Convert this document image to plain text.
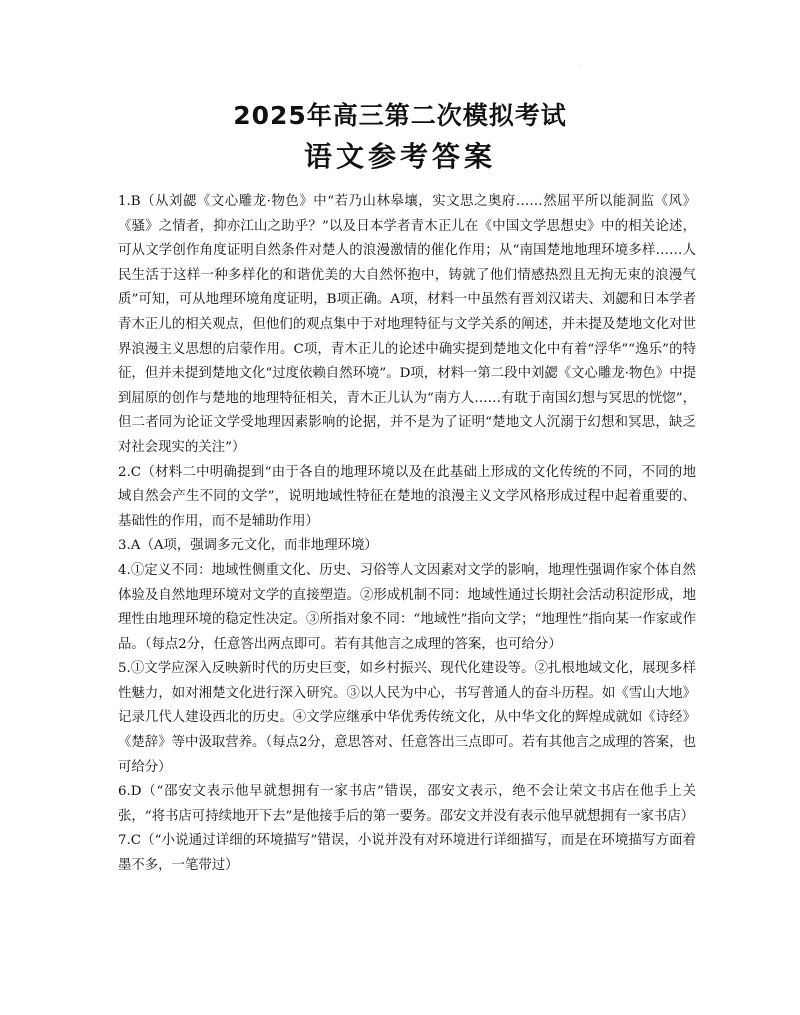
·
2025年高三第二次模拟考试
语文参考答案

1.B（从刘勰《文心雕龙·物色》中“若乃山林皋壤，实文思之奥府……然屈平所以能洞监《风》《骚》之情者，抑亦江山之助乎？”以及日本学者青木正儿在《中国文学思想史》中的相关论述，可从文学创作角度证明自然条件对楚人的浪漫激情的催化作用；从“南国楚地地理环境多样……人民生活于这样一种多样化的和谐优美的大自然怀抱中，铸就了他们情感热烈且无拘无束的浪漫气质”可知，可从地理环境角度证明，B项正确。A项，材料一中虽然有晋刘汉诺夫、刘勰和日本学者青木正儿的相关观点，但他们的观点集中于对地理特征与文学关系的阐述，并未提及楚地文化对世界浪漫主义思想的启蒙作用。C项，青木正儿的论述中确实提到楚地文化中有着“浮华”“逸乐”的特征，但并未提到楚地文化“过度依赖自然环境”。D项，材料一第二段中刘勰《文心雕龙·物色》中提到屈原的创作与楚地的地理特征相关，青木正儿认为“南方人……有耽于南国幻想与冥思的恍惚”，但二者同为论证文学受地理因素影响的论据，并不是为了证明“楚地文人沉溺于幻想和冥思，缺乏对社会现实的关注”）

2.C（材料二中明确提到“由于各自的地理环境以及在此基础上形成的文化传统的不同，不同的地域自然会产生不同的文学”，说明地域性特征在楚地的浪漫主义文学风格形成过程中起着重要的、基础性的作用，而不是辅助作用）

3.A（A项，强调多元文化，而非地理环境）

4.①定义不同：地域性侧重文化、历史、习俗等人文因素对文学的影响，地理性强调作家个体自然体验及自然地理环境对文学的直接塑造。②形成机制不同：地域性通过长期社会活动积淀形成，地理性由地理环境的稳定性决定。③所指对象不同：“地域性”指向文学；“地理性”指向某一作家或作品。（每点2分，任意答出两点即可。若有其他言之成理的答案，也可给分）

5.①文学应深入反映新时代的历史巨变，如乡村振兴、现代化建设等。②扎根地域文化，展现多样性魅力，如对湘楚文化进行深入研究。③以人民为中心，书写普通人的奋斗历程。如《雪山大地》记录几代人建设西北的历史。④文学应继承中华优秀传统文化，从中华文化的辉煌成就如《诗经》《楚辞》等中汲取营养。（每点2分，意思答对、任意答出三点即可。若有其他言之成理的答案，也可给分）

6.D（“邵安文表示他早就想拥有一家书店”错误，邵安文表示，绝不会让荣文书店在他手上关张，“将书店可持续地开下去”是他接手后的第一要务。邵安文并没有表示他早就想拥有一家书店）

7.C（“小说通过详细的环境描写”错误，小说并没有对环境进行详细描写，而是在环境描写方面着墨不多，一笔带过）
